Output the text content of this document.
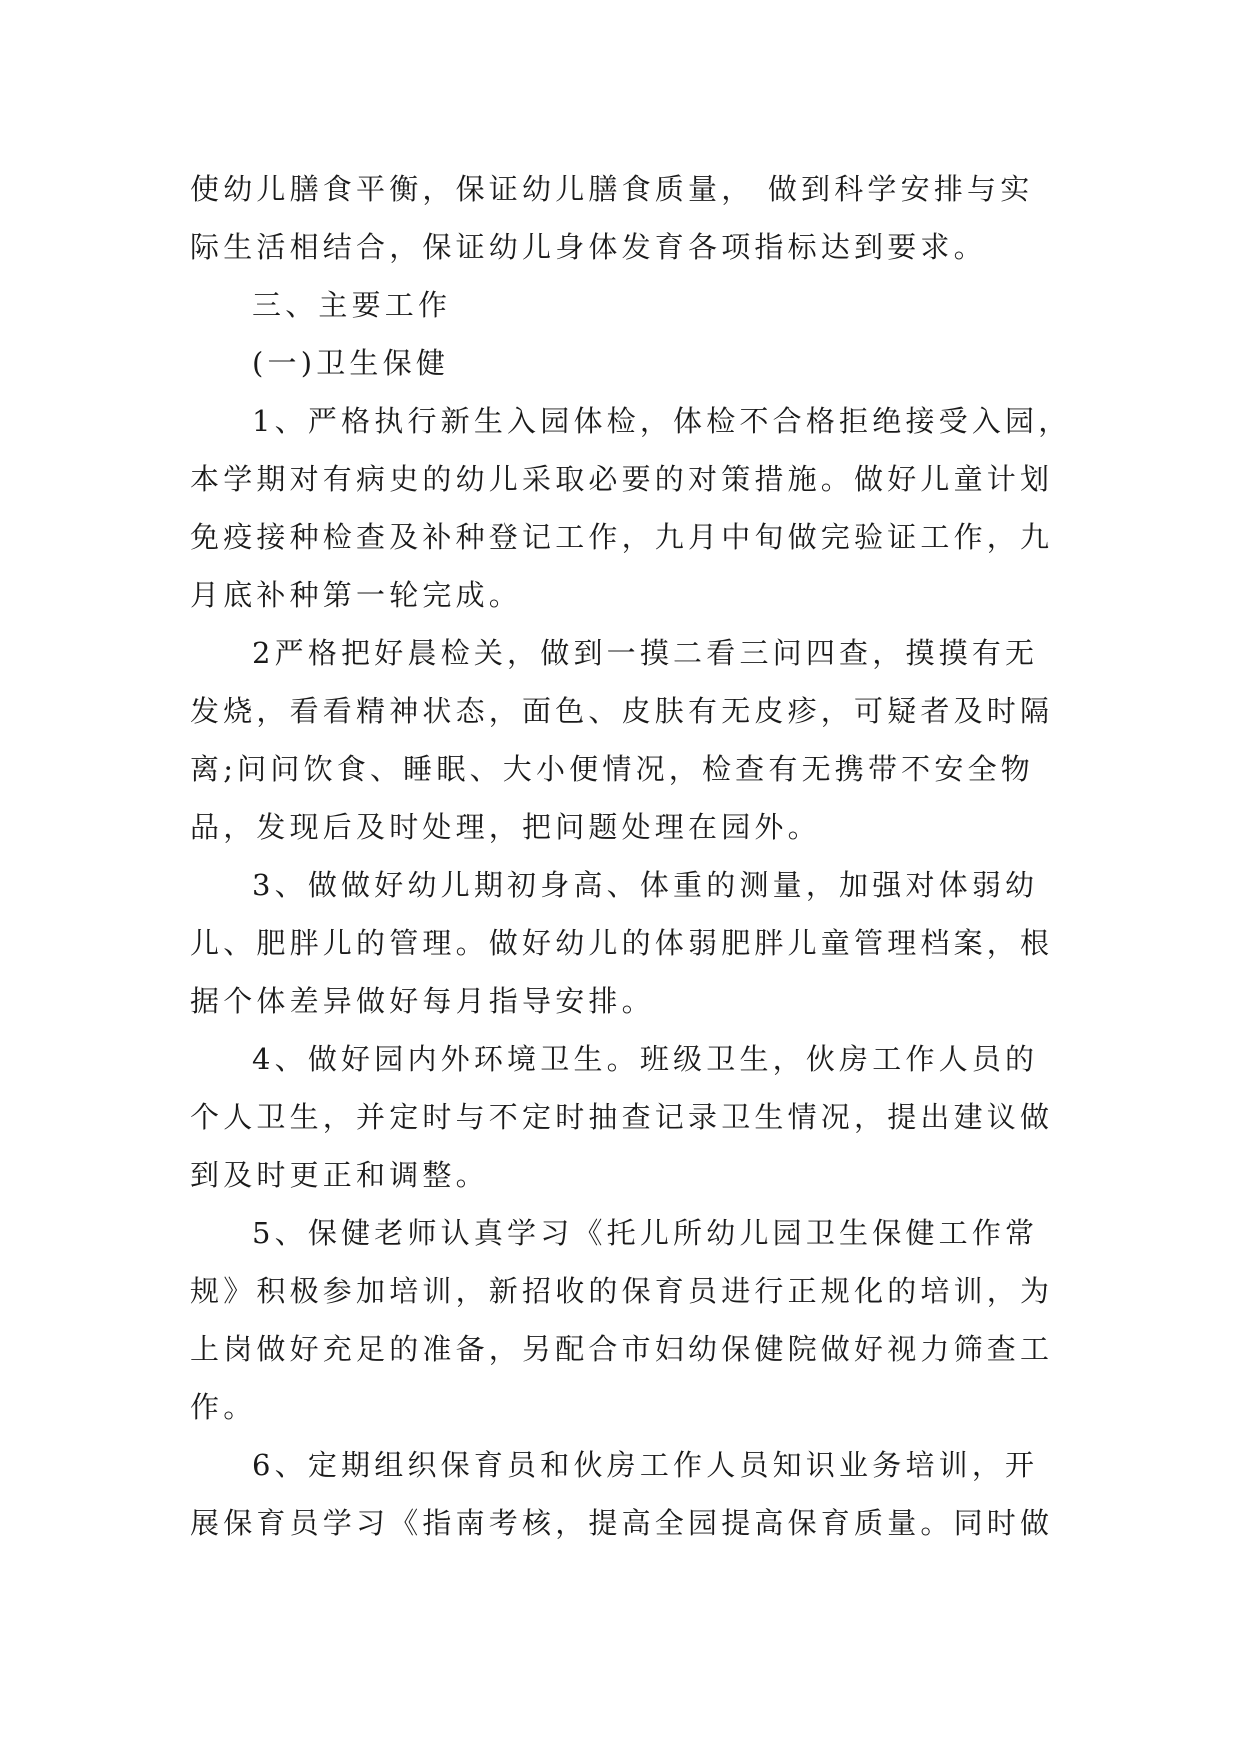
使幼儿膳食平衡，保证幼儿膳食质量， 做到科学安排与实
际生活相结合，保证幼儿身体发育各项指标达到要求。
三、主要工作
(一)卫生保健
1、严格执行新生入园体检，体检不合格拒绝接受入园，
本学期对有病史的幼儿采取必要的对策措施。做好儿童计划
免疫接种检查及补种登记工作，九月中旬做完验证工作，九
月底补种第一轮完成。
2严格把好晨检关，做到一摸二看三问四查，摸摸有无
发烧，看看精神状态，面色、皮肤有无皮疹，可疑者及时隔
离;问问饮食、睡眠、大小便情况，检查有无携带不安全物
品，发现后及时处理，把问题处理在园外。
3、做做好幼儿期初身高、体重的测量，加强对体弱幼
儿、肥胖儿的管理。做好幼儿的体弱肥胖儿童管理档案，根
据个体差异做好每月指导安排。
4、做好园内外环境卫生。班级卫生，伙房工作人员的
个人卫生，并定时与不定时抽查记录卫生情况，提出建议做
到及时更正和调整。
5、保健老师认真学习《托儿所幼儿园卫生保健工作常
规》积极参加培训，新招收的保育员进行正规化的培训，为
上岗做好充足的准备，另配合市妇幼保健院做好视力筛查工
作。
6、定期组织保育员和伙房工作人员知识业务培训，开
展保育员学习《指南考核，提高全园提高保育质量。同时做
